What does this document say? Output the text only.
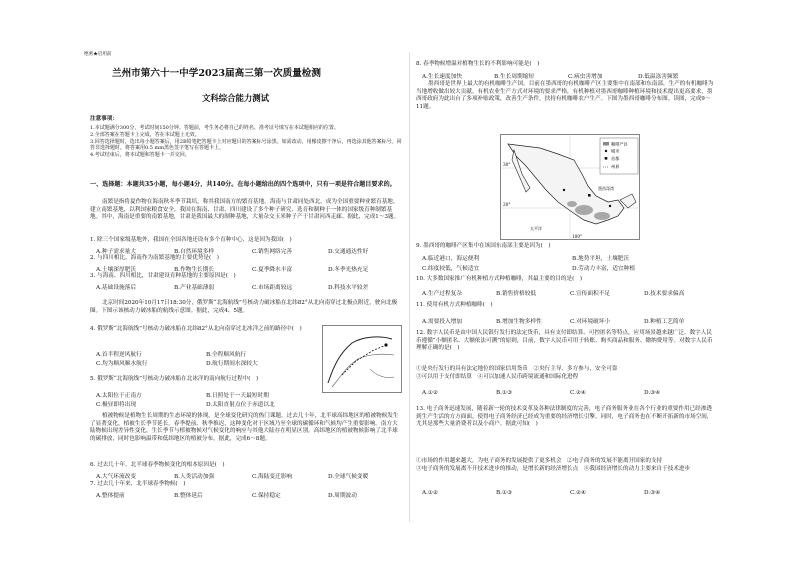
绝密★启用前
兰州市第六十一中学2023届高三第一次质量检测
文科综合能力测试
注意事项：
1.本试题满分300分，考试时间150分钟。答题前，考生务必将自己的姓名、准考证号填写在本试题相应的位置。
2.全部答案在答题卡上完成，答在本试题上无效。
3.回答选择题时，选出每小题答案后，用2B铅笔把答题卡上对应题目的答案标号涂黑。如需改动，用橡皮擦干净后，再选涂其他答案标号。回答非选择题时，将答案用0.5 mm黑色签字笔写在答题卡上。
4.考试结束后，将本试题和答题卡一并交回。
一、选择题：本题共35小题，每小题4分，共140分。在每小题给出的四个选项中，只有一项是符合题目要求的。
南繁是指将夏作物在海南秋冬季节栽培，称其我国南方的繁育基地。海南与甘肃同处西北，成为全国重要种业繁育基地。建立南繁基地，以利国家粮食安全。我国在海南、甘肃、四川建设了多个种子研究、选育和制种于一体的国家级育种制繁基地。其中，海南是重要的南繁基地，甘肃是我国最大的制种基地，大量杂交玉米种子产于甘肃河西走廊。据此，完成1～3题。
1. 除三个国家级基地外，我国在全国各地还设有多个育种中心，这是因为我国(　)
A.种子需求量大	B.自然环境多样	C.销售网络完善	D.交通通达性好
2. 与四川相比，海南作为南繁基地的主要优势是(　)
A.土壤深厚肥沃	B.作物生长期长	C.夏季降水丰富	D.冬季光热充足
3. 与海南、四川相比，甘肃建设育种基地的主要原因是(　)
A.基础设施落后	B.产业基础薄弱	C.市场距离较远	D.科技水平较差
北京时间2020年10月17日18:30分，俄罗斯“北海航线”号核动力破冰船在北纬82°从北向南穿过北极点附近，驶向北极圈。下图示该核动力破冰船的航线示意图。据此，完成4、5题。
4. 俄罗斯“北海航线”号核动力破冰船在北纬82°从北向南穿过北冰洋之前的路径中(　)
A.首半程逆风航行	B.全程顺风航行
C.均为顺风顺水航行	D.航行期间水深较大
5. 俄罗斯“北海航线”号核动力破冰船在北冰洋的南向航行过程中(　)
A.太阳位于正南方	B.日照处于一天最短时期
C.极昼即将出现	D.太阳直射点位于赤道以北
植被物候是植物生长周期的生态环境的体现，是全球变化研究的热门课题。过去几十年，北半球高纬地区的植被物候发生了显著变化，植被生长季节延长。春季提前、秋季推迟，这种变化对于区域乃至全球的碳循环和气候均产生重要影响。南方大陆物候出现差异性变化，生长季节与植被物候对气候变化的响应与其他大陆存在明显区别。高纬地区的植被物候影响了北半球的碳排放，同时也影响温带和低纬地区的植被分布。据此，完成6～8题。
6. 过去几十年，北半球春季物候变化的根本原因是(　)
A.大气环流改变	B.人类活动加强	C.海陆变迁影响	D.全球气候变暖
7. 过去几十年来，北半球春季物候(　)
A.整体提前	B.整体延后	C.保持稳定	D.周期波动
8. 春季物候增温对植物生长的不利影响可能是(　)
A.生长速度加快	B.生长周期缩短	C.病虫害增加	D.低温冻害频繁
墨西哥是世界上最大的有机咖啡生产国。目前在墨西哥的有机咖啡产区主要集中在南部和东南部，生产的有机咖啡为当地增收做出较大贡献。有机农业生产方式对环境的要求严格，有机种植对墨西哥咖啡种植环境和技术提出更高要求，墨西哥政府为此出台了多项补贴政策，改善生产条件，扶持有机咖啡农户生产。下图为墨西哥咖啡分布图。读图，完成9～11题。
咖啡产区
城市
首都
州界
30°
20°
100°
墨西哥湾
太平洋
9. 墨西哥的咖啡产区集中在该国东南部主要是因为(　)
A.临近港口，海运便利	B.地势平坦，土壤肥沃
C.纬度较低，气候适宜	D.劳动力丰富，适宜种植
10. 大多数国家推广有机种植方式种植咖啡，其最主要的目的是(　)
A.生产过程复杂	B.销售价格较低	C.宣传面积不足	D.技术要求偏高
11. 使用有机方式种植咖啡(　)
A.需要投入增加	B.增加生物多样性	C.对环境破坏小	D.种植工艺简单
12. 数字人民币是由中国人民银行发行的法定货币，具有支付即结算、可控匿名等特点，应用场景越来越广泛。数字人民币遵循“小额匿名、大额依法可溯”的原则，目前，数字人民币可用于转账、购买商品和服务、缴纳费用等。对数字人民币理解正确的是(　)
①是央行发行的具有法定地位的国家信用货币　②央行主导、多方参与，安全可靠
③可以用于支付即结算　④可以加速人民币跨境流通和国际化进程
A.①②	B.①③	C.②④	D.③④
13. 电子商务迅速发展，随着新一轮的技术变革及各种法律制度的完善，电子商务服务业在各个行业的重要作用已经渗透到生产生活的方方面面，使得电子商务经济已经成为重要的经济增长引擎。同时，电子商务也在不断开拓新的市场空间，尤其是那些大量消费者以及小商户。据此可知(　)
①市场的作用越来越大，为电子商务的发展提供了更多机会　②电子商务的发展不能离开国家的支持
③电子商务的发展离不开技术进步的推动，是增长新的经济增长点　④我国经济增长的动力主要来自于技术进步
A.①②	B.①③	C.②④	D.③④
